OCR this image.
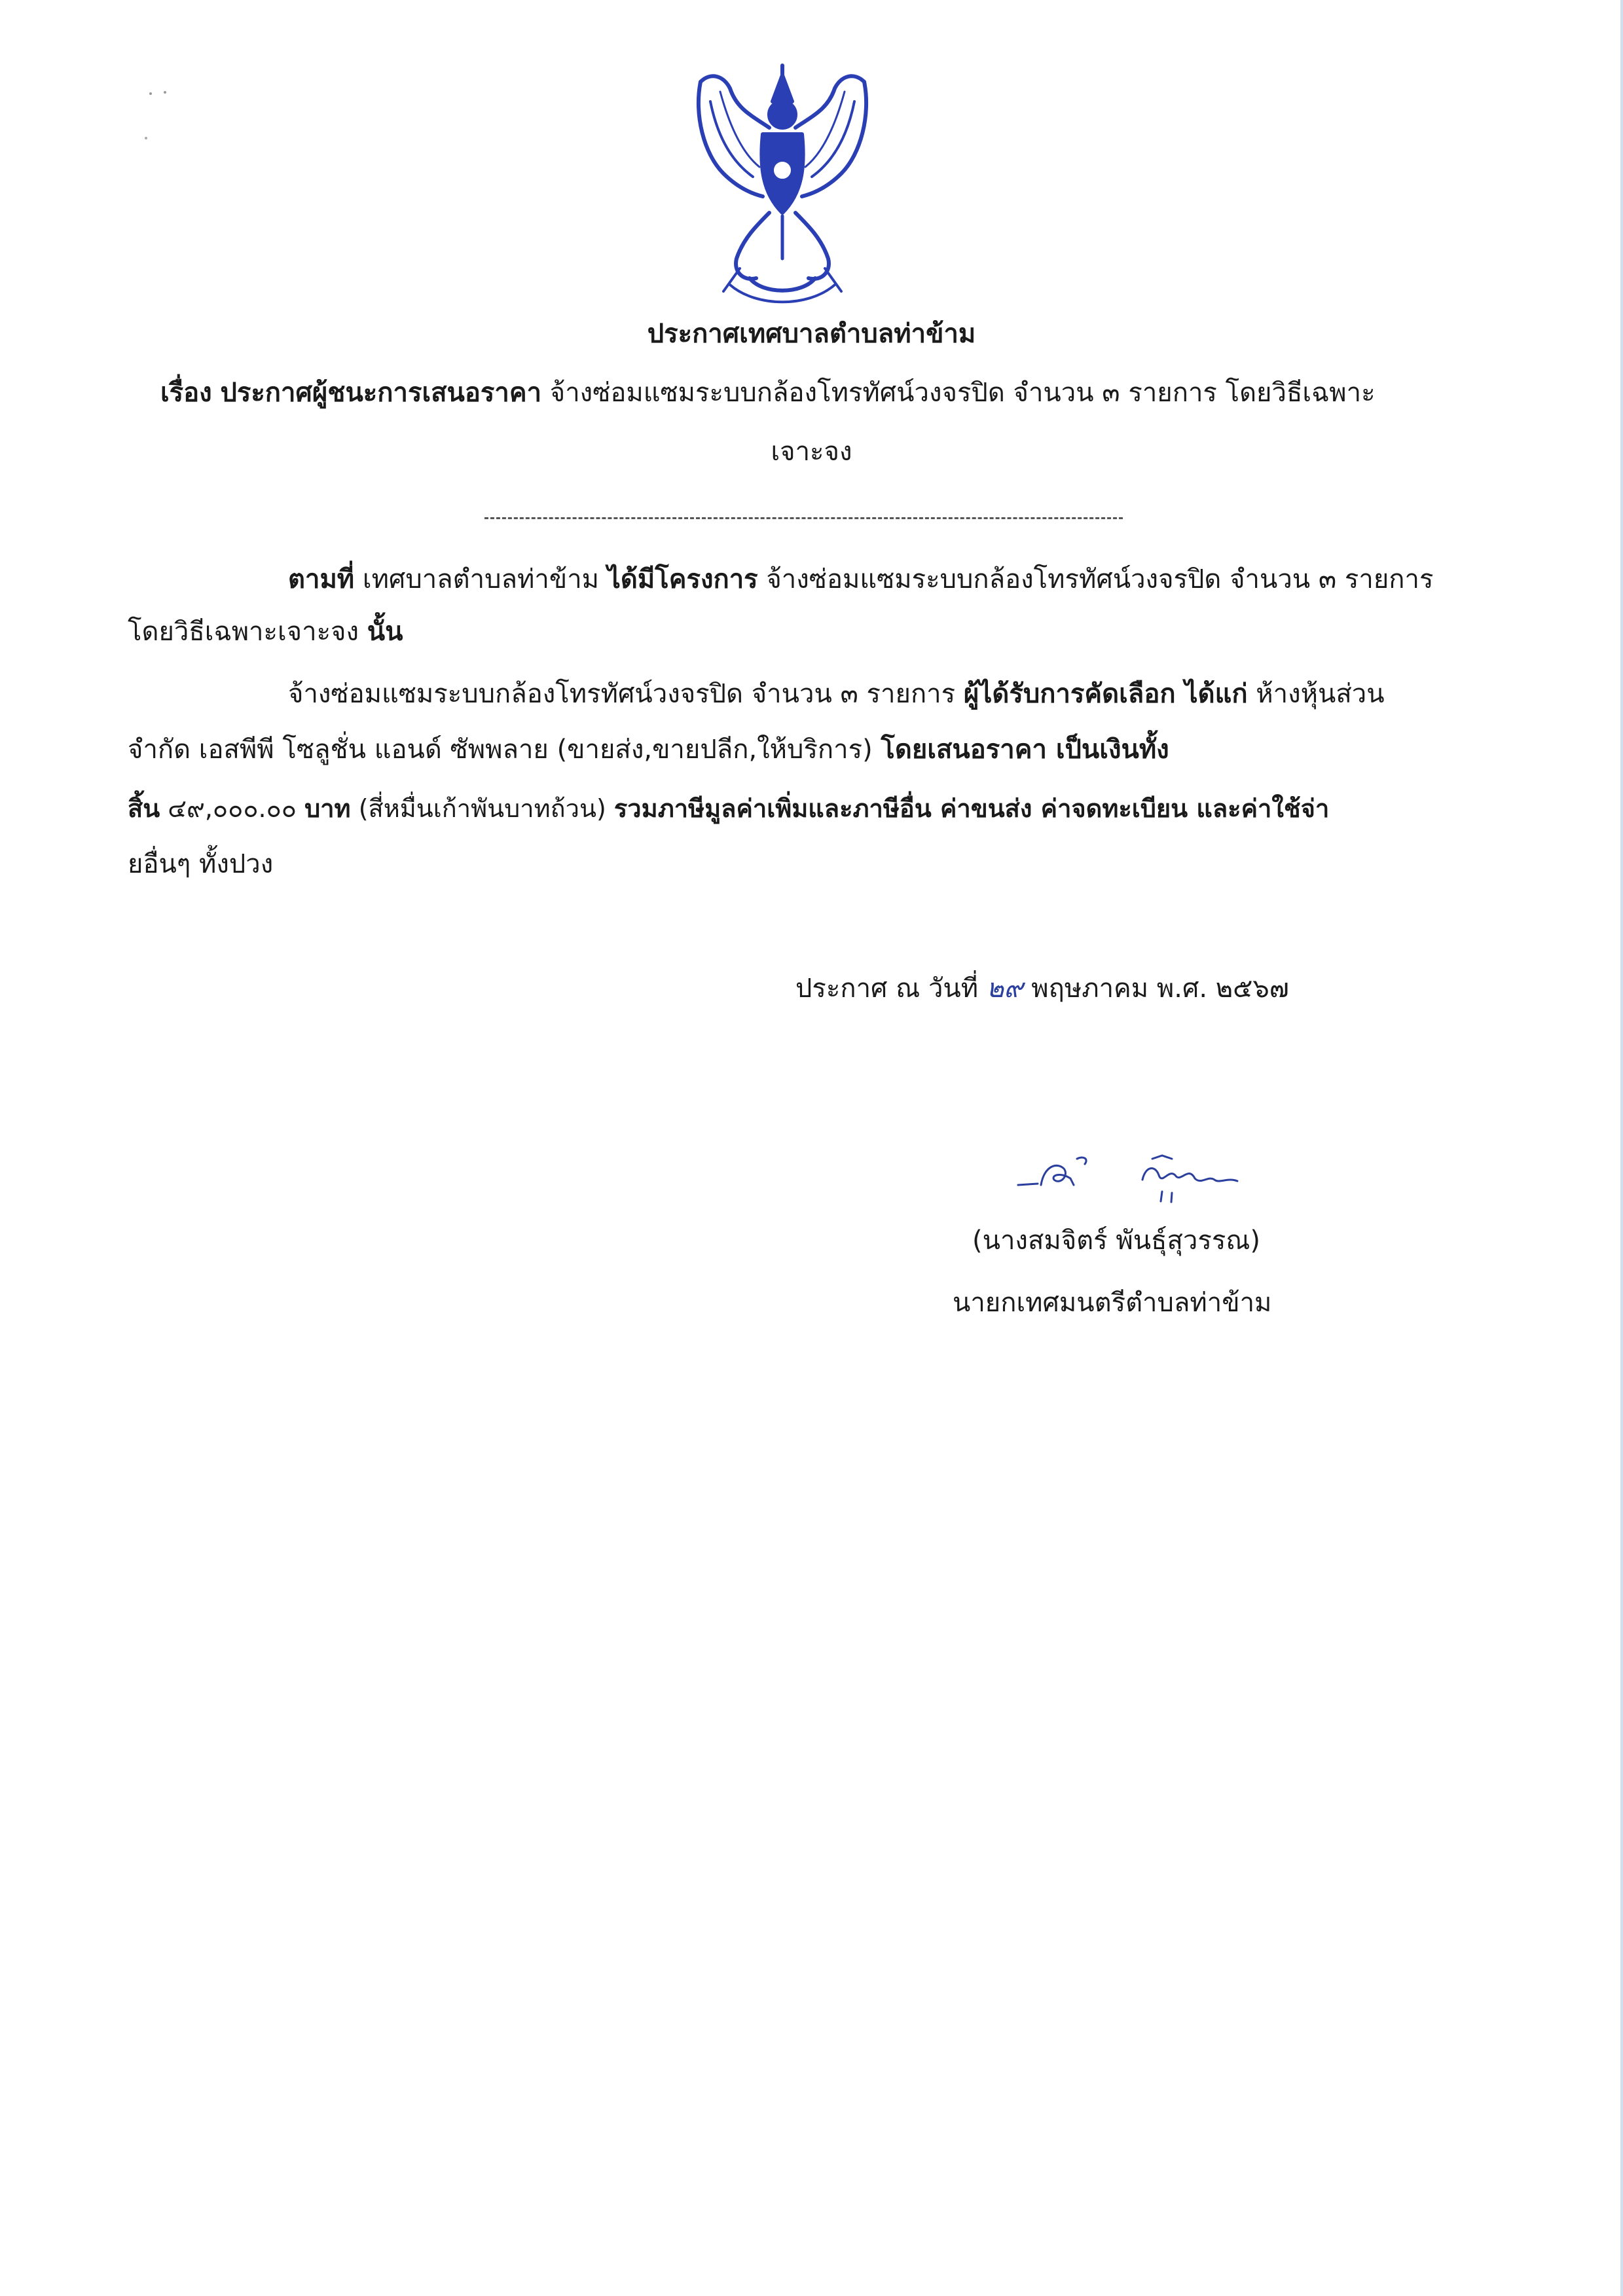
ประกาศเทศบาลตำบลท่าข้าม
เรื่อง ประกาศผู้ชนะการเสนอราคา จ้างซ่อมแซมระบบกล้องโทรทัศน์วงจรปิด จำนวน ๓ รายการ โดยวิธีเฉพาะ
เจาะจง
ตามที่ เทศบาลตำบลท่าข้าม ได้มีโครงการ จ้างซ่อมแซมระบบกล้องโทรทัศน์วงจรปิด จำนวน ๓ รายการ
โดยวิธีเฉพาะเจาะจง นั้น
จ้างซ่อมแซมระบบกล้องโทรทัศน์วงจรปิด จำนวน ๓ รายการ ผู้ได้รับการคัดเลือก ได้แก่ ห้างหุ้นส่วน
จำกัด เอสพีพี โซลูชั่น แอนด์ ซัพพลาย (ขายส่ง,ขายปลีก,ให้บริการ) โดยเสนอราคา เป็นเงินทั้ง
สิ้น ๔๙,๐๐๐.๐๐ บาท (สี่หมื่นเก้าพันบาทถ้วน) รวมภาษีมูลค่าเพิ่มและภาษีอื่น ค่าขนส่ง ค่าจดทะเบียน และค่าใช้จ่า
ยอื่นๆ ทั้งปวง
ประกาศ ณ วันที่ ๒๙ พฤษภาคม พ.ศ. ๒๕๖๗
(นางสมจิตร์ พันธุ์สุวรรณ)
นายกเทศมนตรีตำบลท่าข้าม
